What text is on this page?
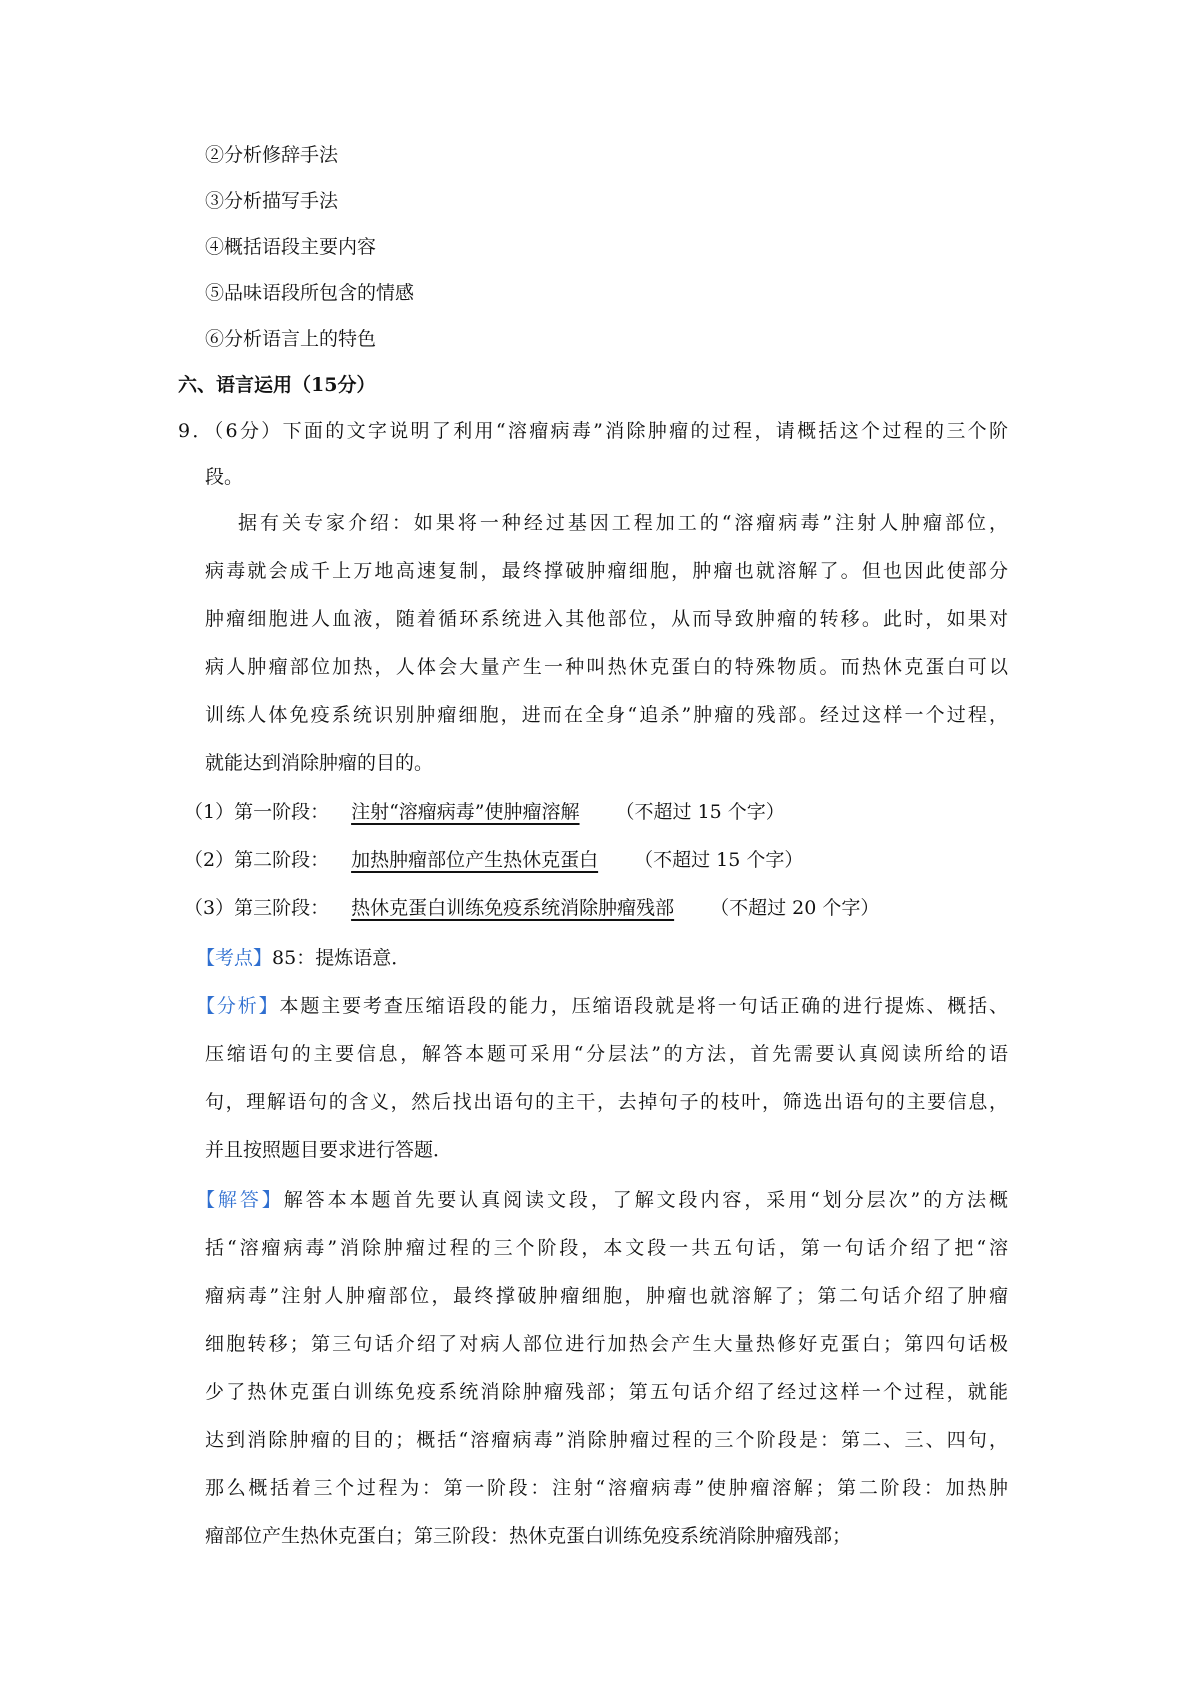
②分析修辞手法
③分析描写手法
④概括语段主要内容
⑤品味语段所包含的情感
⑥分析语言上的特色
六、语言运用（15分）
9．（6分）下面的文字说明了利用“溶瘤病毒”消除肿瘤的过程，请概括这个过程的三个阶
段。
据有关专家介绍：如果将一种经过基因工程加工的“溶瘤病毒”注射人肿瘤部位，
病毒就会成千上万地高速复制，最终撑破肿瘤细胞，肿瘤也就溶解了。但也因此使部分
肿瘤细胞进人血液，随着循环系统进入其他部位，从而导致肿瘤的转移。此时，如果对
病人肿瘤部位加热，人体会大量产生一种叫热休克蛋白的特殊物质。而热休克蛋白可以
训练人体免疫系统识别肿瘤细胞，进而在全身“追杀”肿瘤的残部。经过这样一个过程，
就能达到消除肿瘤的目的。
（1）第一阶段： 注射“溶瘤病毒”使肿瘤溶解 （不超过 15 个字）
（2）第二阶段： 加热肿瘤部位产生热休克蛋白 （不超过 15 个字）
（3）第三阶段： 热休克蛋白训练免疫系统消除肿瘤残部 （不超过 20 个字）
【考点】85：提炼语意．
【分析】本题主要考查压缩语段的能力，压缩语段就是将一句话正确的进行提炼、概括、
压缩语句的主要信息，解答本题可采用“分层法”的方法，首先需要认真阅读所给的语
句，理解语句的含义，然后找出语句的主干，去掉句子的枝叶，筛选出语句的主要信息，
并且按照题目要求进行答题．
【解答】解答本本题首先要认真阅读文段，了解文段内容，采用“划分层次”的方法概
括“溶瘤病毒”消除肿瘤过程的三个阶段，本文段一共五句话，第一句话介绍了把“溶
瘤病毒”注射人肿瘤部位，最终撑破肿瘤细胞，肿瘤也就溶解了；第二句话介绍了肿瘤
细胞转移；第三句话介绍了对病人部位进行加热会产生大量热修好克蛋白；第四句话极
少了热休克蛋白训练免疫系统消除肿瘤残部；第五句话介绍了经过这样一个过程，就能
达到消除肿瘤的目的；概括“溶瘤病毒”消除肿瘤过程的三个阶段是：第二、三、四句，
那么概括着三个过程为：第一阶段：注射“溶瘤病毒”使肿瘤溶解；第二阶段：加热肿
瘤部位产生热休克蛋白；第三阶段：热休克蛋白训练免疫系统消除肿瘤残部；
